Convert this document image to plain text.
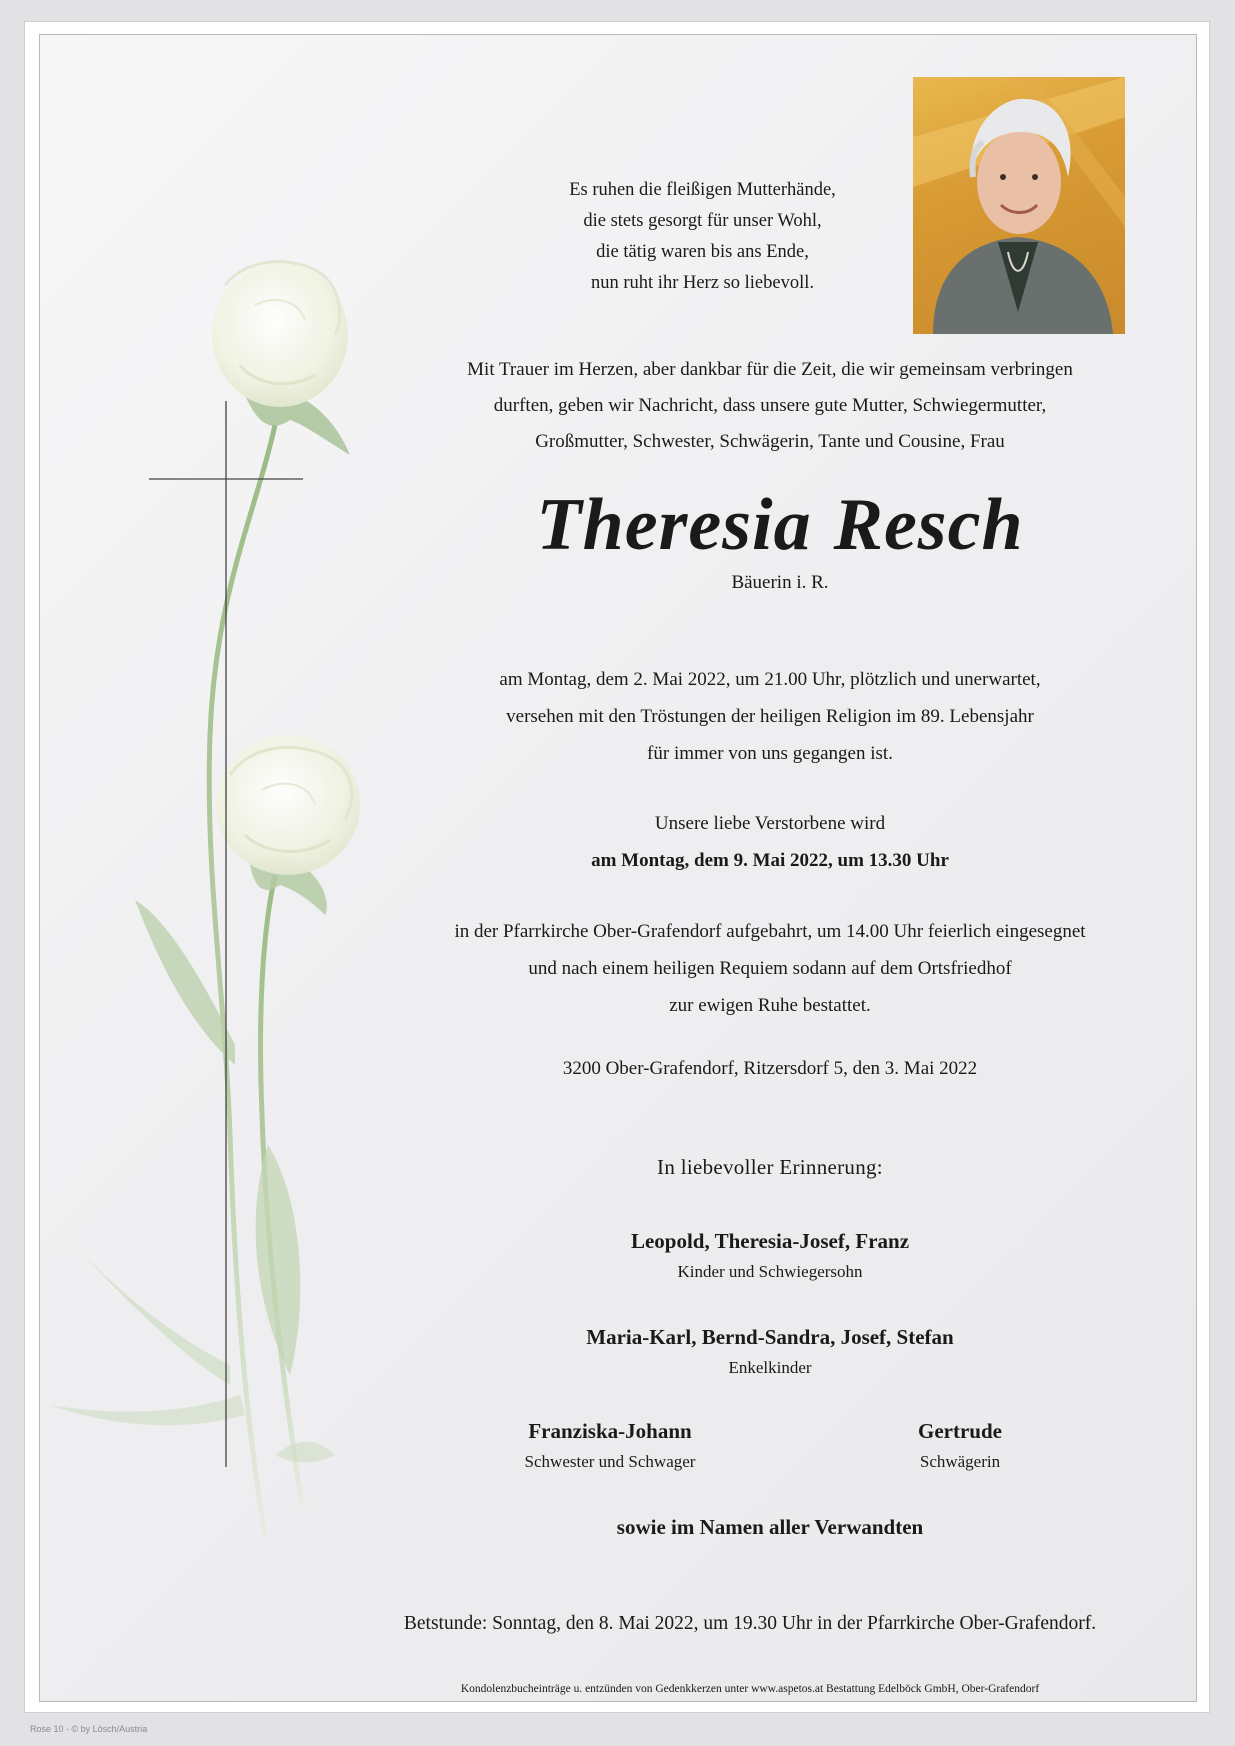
Es ruhen die fleißigen Mutterhände,
die stets gesorgt für unser Wohl,
die tätig waren bis ans Ende,
nun ruht ihr Herz so liebevoll.
Mit Trauer im Herzen, aber dankbar für die Zeit, die wir gemeinsam verbringen
durften, geben wir Nachricht, dass unsere gute Mutter, Schwiegermutter,
Großmutter, Schwester, Schwägerin, Tante und Cousine, Frau
Theresia Resch
Bäuerin i. R.
am Montag, dem 2. Mai 2022, um 21.00 Uhr, plötzlich und unerwartet,
versehen mit den Tröstungen der heiligen Religion im 89. Lebensjahr
für immer von uns gegangen ist.
Unsere liebe Verstorbene wird
am Montag, dem 9. Mai 2022, um 13.30 Uhr
in der Pfarrkirche Ober-Grafendorf aufgebahrt, um 14.00 Uhr feierlich eingesegnet
und nach einem heiligen Requiem sodann auf dem Ortsfriedhof
zur ewigen Ruhe bestattet.
3200 Ober-Grafendorf, Ritzersdorf 5, den 3. Mai 2022
In liebevoller Erinnerung:
Leopold, Theresia-Josef, Franz
Kinder und Schwiegersohn
Maria-Karl, Bernd-Sandra, Josef, Stefan
Enkelkinder
Franziska-Johann
Schwester und Schwager
Gertrude
Schwägerin
sowie im Namen aller Verwandten
Betstunde: Sonntag, den 8. Mai 2022, um 19.30 Uhr in der Pfarrkirche Ober-Grafendorf.
Kondolenzbucheinträge u. entzünden von Gedenkkerzen unter www.aspetos.at Bestattung Edelböck GmbH, Ober-Grafendorf
Rose 10 - © by Lösch/Austria
